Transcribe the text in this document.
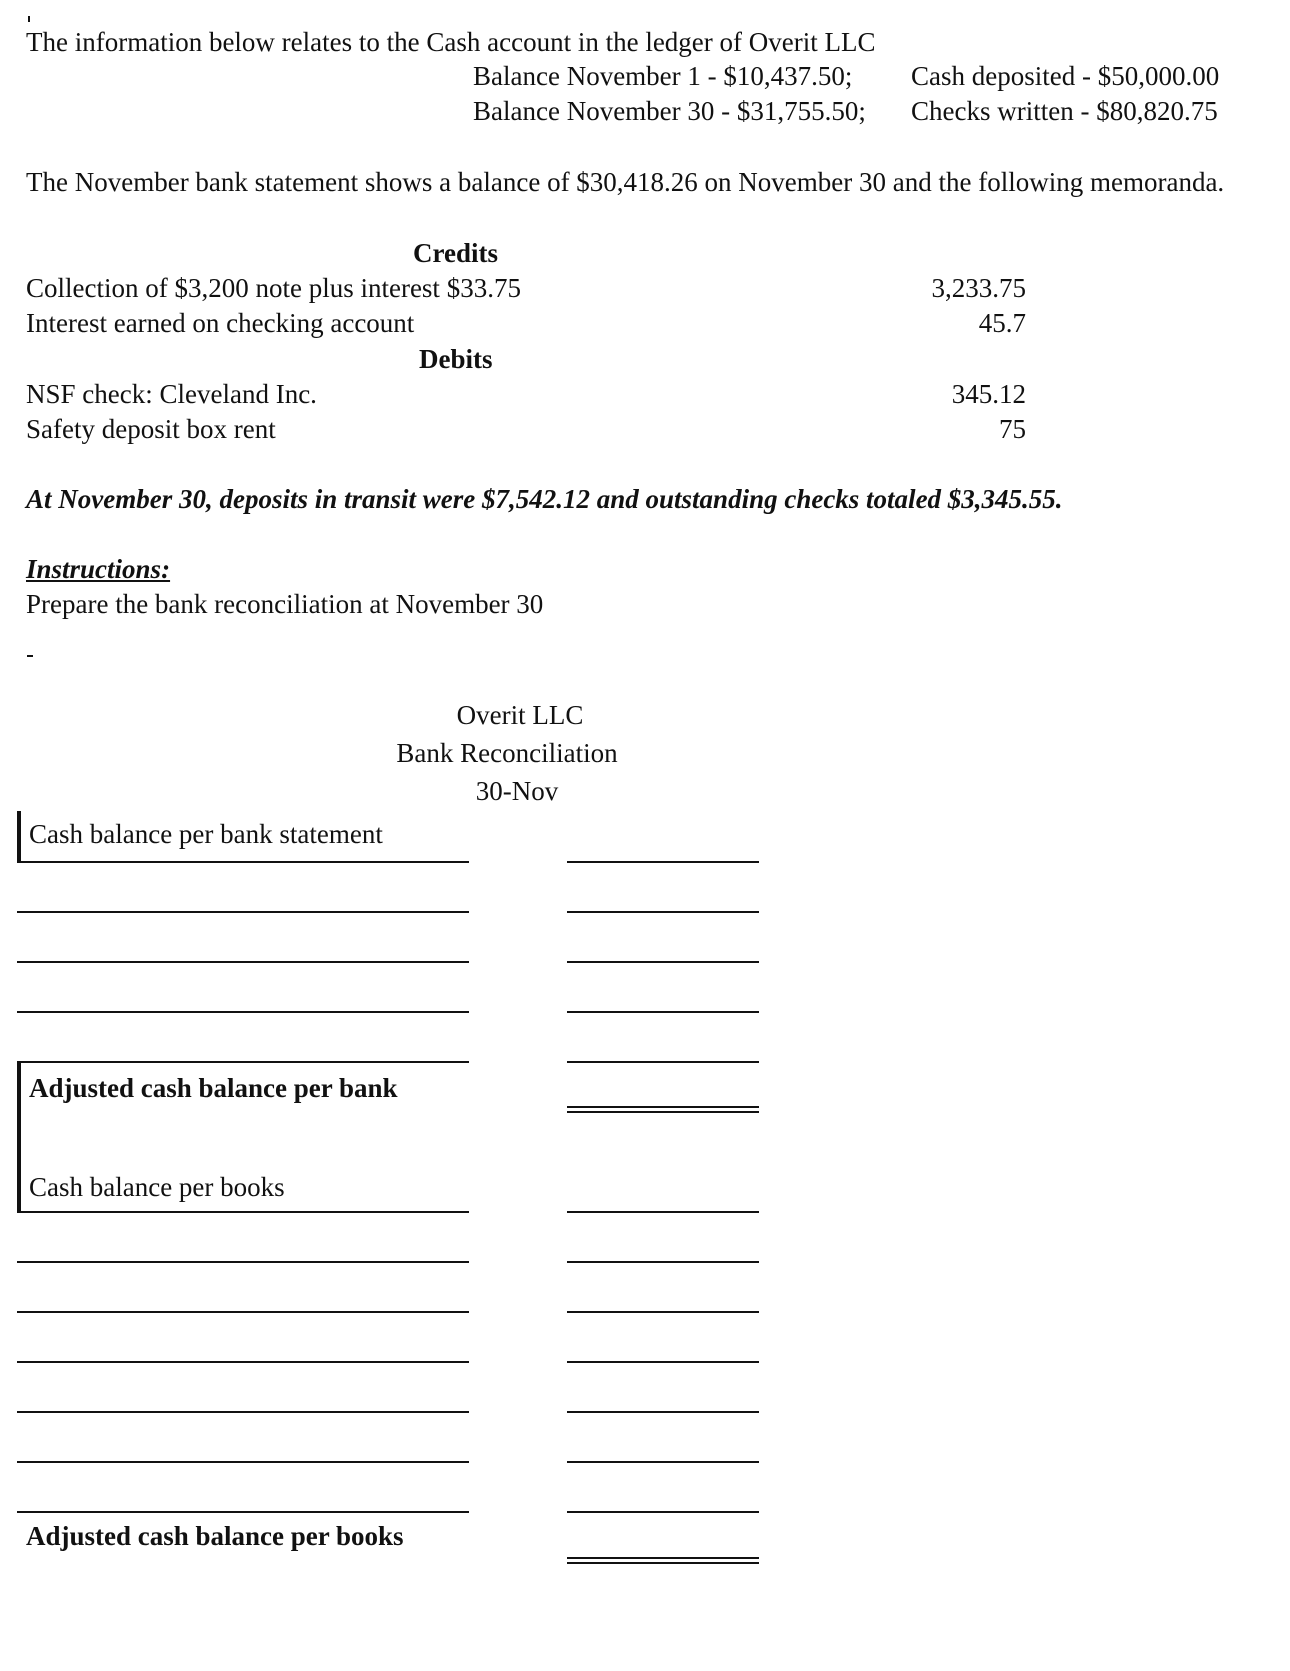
The information below relates to the Cash account in the ledger of Overit LLC
Balance November 1 - $10,437.50; Cash deposited - $50,000.00
Balance November 30 - $31,755.50; Checks written - $80,820.75
The November bank statement shows a balance of $30,418.26 on November 30 and the following memoranda.
Credits
Collection of $3,200 note plus interest $33.75	3,233.75
Interest earned on checking account	45.7
Debits
NSF check: Cleveland Inc.	345.12
Safety deposit box rent	75
At November 30, deposits in transit were $7,542.12 and outstanding checks totaled $3,345.55.
Instructions:
Prepare the bank reconciliation at November 30
Overit LLC
Bank Reconciliation
30-Nov
Cash balance per bank statement
Adjusted cash balance per bank
Cash balance per books
Adjusted cash balance per books
